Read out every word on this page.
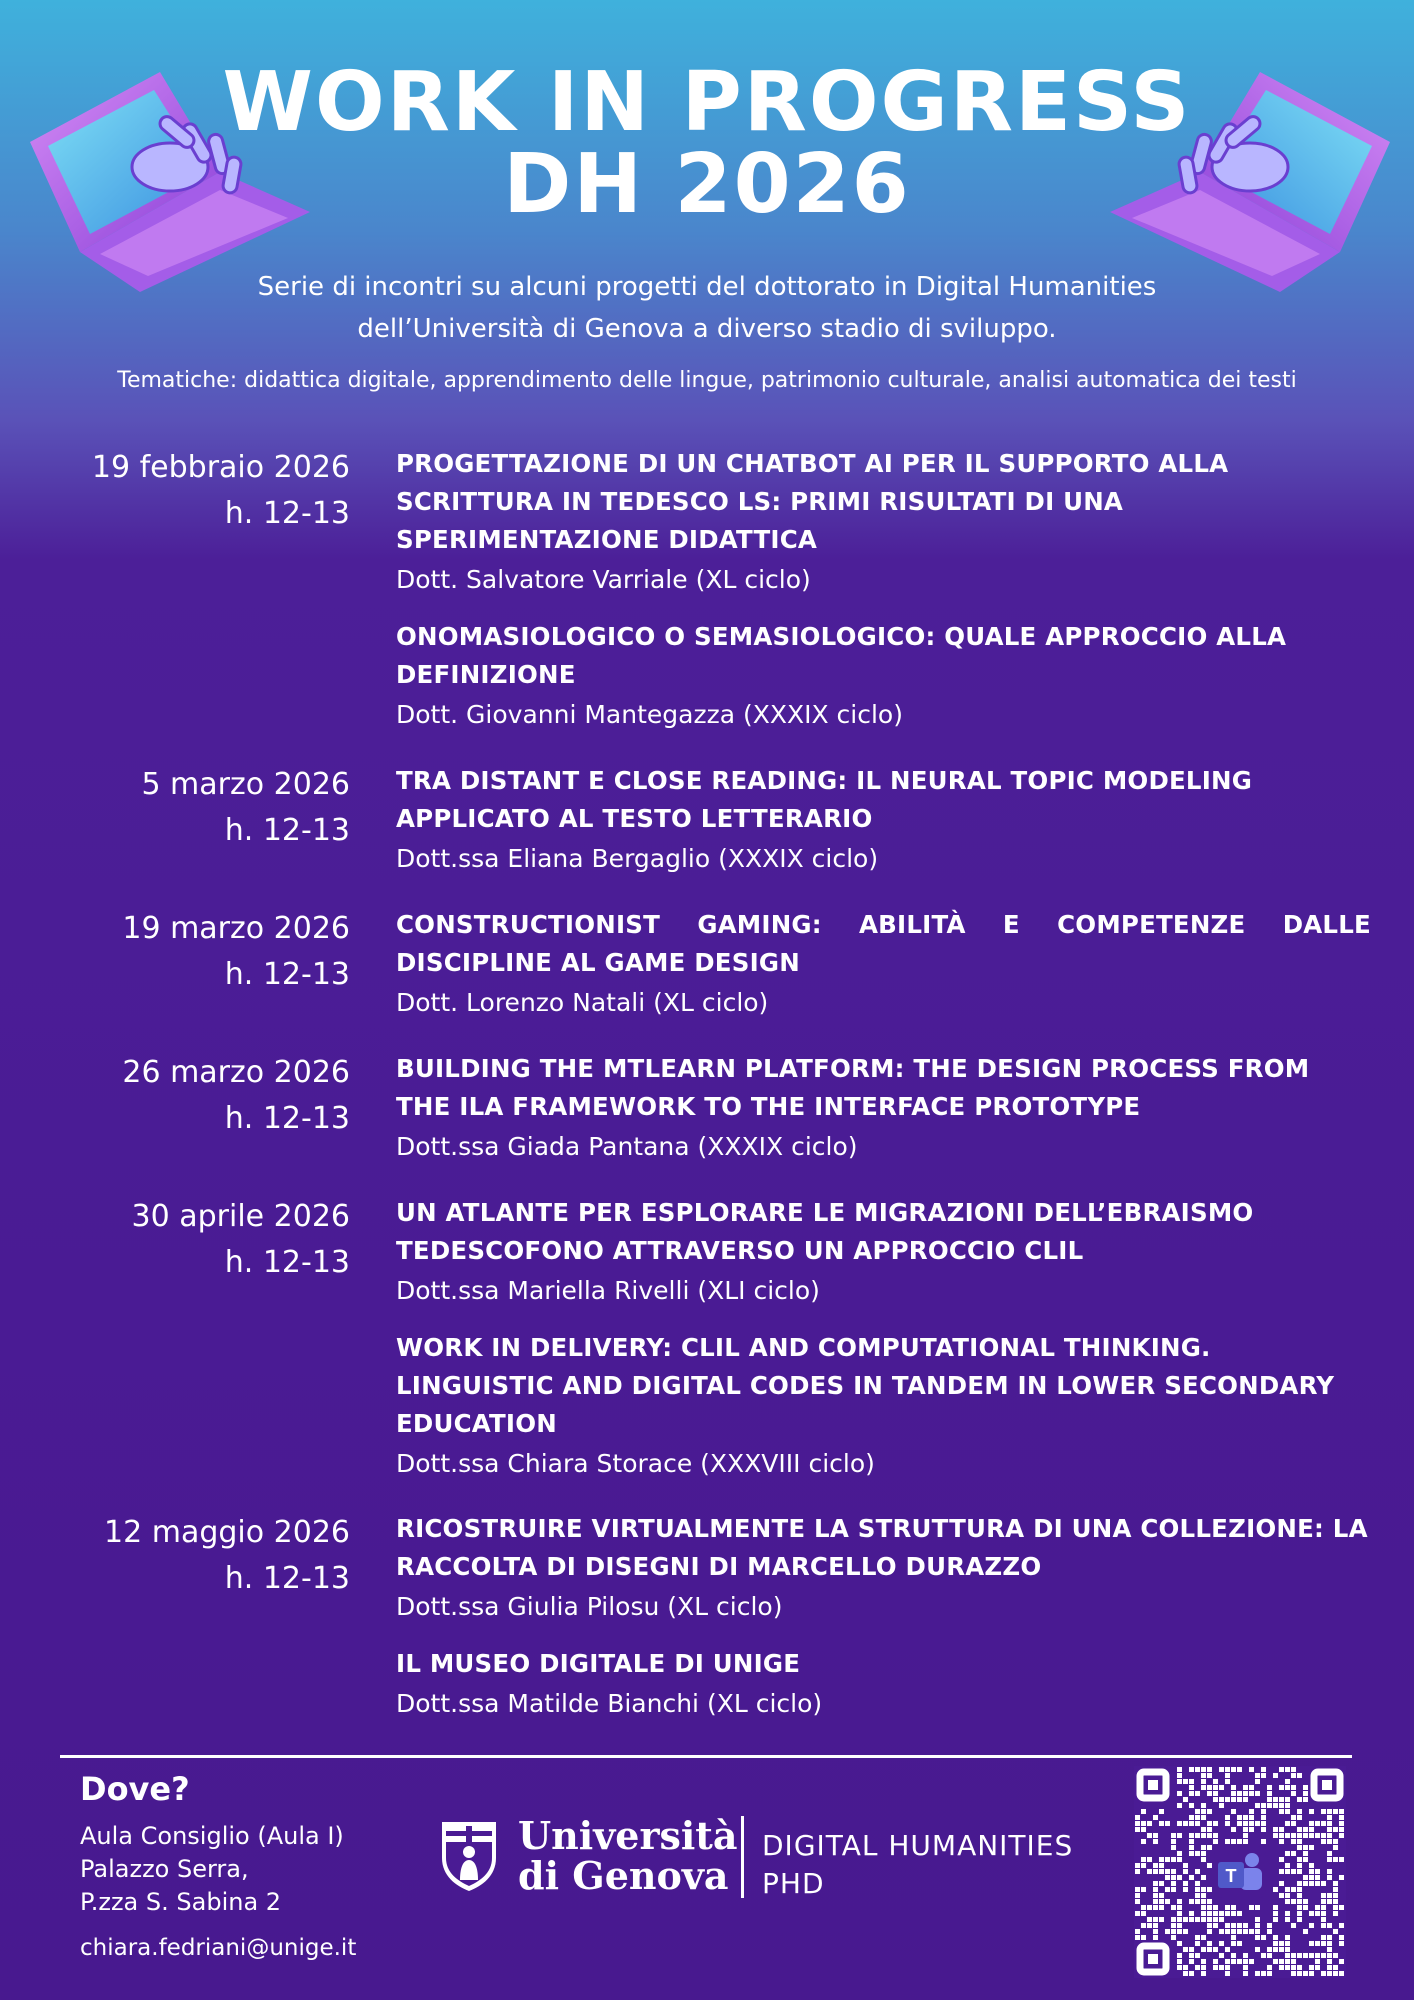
WORK IN PROGRESS
DH 2026
Serie di incontri su alcuni progetti del dottorato in Digital Humanities
dell’Università di Genova a diverso stadio di sviluppo.
Tematiche: didattica digitale, apprendimento delle lingue, patrimonio culturale, analisi automatica dei testi
19 febbraio 2026
h. 12-13
PROGETTAZIONE DI UN CHATBOT AI PER IL SUPPORTO ALLA SCRITTURA IN TEDESCO LS: PRIMI RISULTATI DI UNA SPERIMENTAZIONE DIDATTICA
Dott. Salvatore Varriale (XL ciclo)
ONOMASIOLOGICO O SEMASIOLOGICO: QUALE APPROCCIO ALLA DEFINIZIONE
Dott. Giovanni Mantegazza (XXXIX ciclo)
5 marzo 2026
h. 12-13
TRA DISTANT E CLOSE READING: IL NEURAL TOPIC MODELING APPLICATO AL TESTO LETTERARIO
Dott.ssa Eliana Bergaglio (XXXIX ciclo)
19 marzo 2026
h. 12-13
CONSTRUCTIONIST GAMING: ABILITÀ E COMPETENZE DALLE DISCIPLINE AL GAME DESIGN
Dott. Lorenzo Natali (XL ciclo)
26 marzo 2026
h. 12-13
BUILDING THE MTLEARN PLATFORM: THE DESIGN PROCESS FROM THE ILA FRAMEWORK TO THE INTERFACE PROTOTYPE
Dott.ssa Giada Pantana (XXXIX ciclo)
30 aprile 2026
h. 12-13
UN ATLANTE PER ESPLORARE LE MIGRAZIONI DELL’EBRAISMO TEDESCOFONO ATTRAVERSO UN APPROCCIO CLIL
Dott.ssa Mariella Rivelli (XLI ciclo)
WORK IN DELIVERY: CLIL AND COMPUTATIONAL THINKING. LINGUISTIC AND DIGITAL CODES IN TANDEM IN LOWER SECONDARY EDUCATION
Dott.ssa Chiara Storace (XXXVIII ciclo)
12 maggio 2026
h. 12-13
RICOSTRUIRE VIRTUALMENTE LA STRUTTURA DI UNA COLLEZIONE: LA RACCOLTA DI DISEGNI DI MARCELLO DURAZZO
Dott.ssa Giulia Pilosu (XL ciclo)
IL MUSEO DIGITALE DI UNIGE
Dott.ssa Matilde Bianchi (XL ciclo)
Dove?
Aula Consiglio (Aula I)
Palazzo Serra,
P.zza S. Sabina 2
chiara.fedriani@unige.it
Università
di Genova
DIGITAL HUMANITIES
PHD	T
